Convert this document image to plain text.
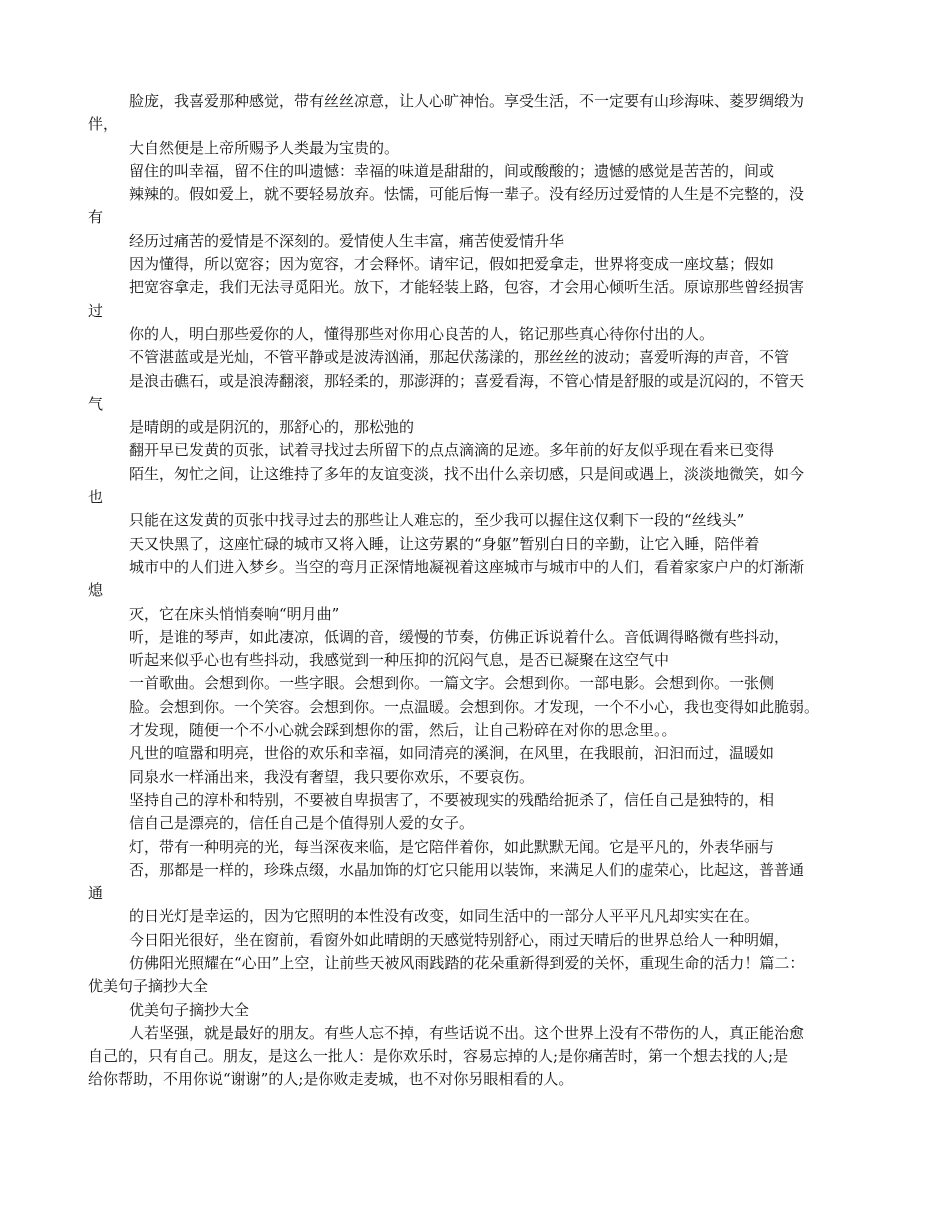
脸庞，我喜爱那种感觉，带有丝丝凉意，让人心旷神怡。享受生活，不一定要有山珍海味、菱罗绸缎为
伴，
大自然便是上帝所赐予人类最为宝贵的。
留住的叫幸福，留不住的叫遗憾：幸福的味道是甜甜的，间或酸酸的；遗憾的感觉是苦苦的，间或
辣辣的。假如爱上，就不要轻易放弃。怯懦，可能后悔一辈子。没有经历过爱情的人生是不完整的，没
有
经历过痛苦的爱情是不深刻的。爱情使人生丰富，痛苦使爱情升华
因为懂得，所以宽容；因为宽容，才会释怀。请牢记，假如把爱拿走，世界将变成一座坟墓；假如
把宽容拿走，我们无法寻觅阳光。放下，才能轻装上路，包容，才会用心倾听生活。原谅那些曾经损害
过
你的人，明白那些爱你的人，懂得那些对你用心良苦的人，铭记那些真心待你付出的人。
不管湛蓝或是光灿，不管平静或是波涛汹涌，那起伏荡漾的，那丝丝的波动；喜爱听海的声音，不管
是浪击礁石，或是浪涛翻滚，那轻柔的，那澎湃的；喜爱看海，不管心情是舒服的或是沉闷的，不管天
气
是晴朗的或是阴沉的，那舒心的，那松弛的
翻开早已发黄的页张，试着寻找过去所留下的点点滴滴的足迹。多年前的好友似乎现在看来已变得
陌生，匆忙之间，让这维持了多年的友谊变淡，找不出什么亲切感，只是间或遇上，淡淡地微笑，如今
也
只能在这发黄的页张中找寻过去的那些让人难忘的，至少我可以握住这仅剩下一段的“丝线头”
天又快黑了，这座忙碌的城市又将入睡，让这劳累的“身躯”暂别白日的辛勤，让它入睡，陪伴着
城市中的人们进入梦乡。当空的弯月正深情地凝视着这座城市与城市中的人们，看着家家户户的灯渐渐
熄
灭，它在床头悄悄奏响“明月曲”
听，是谁的琴声，如此凄凉，低调的音，缓慢的节奏，仿佛正诉说着什么。音低调得略微有些抖动，
听起来似乎心也有些抖动，我感觉到一种压抑的沉闷气息，是否已凝聚在这空气中
一首歌曲。会想到你。一些字眼。会想到你。一篇文字。会想到你。一部电影。会想到你。一张侧
脸。会想到你。一个笑容。会想到你。一点温暖。会想到你。才发现，一个不小心，我也变得如此脆弱。
才发现，随便一个不小心就会踩到想你的雷，然后，让自己粉碎在对你的思念里。。
凡世的喧嚣和明亮，世俗的欢乐和幸福，如同清亮的溪涧，在风里，在我眼前，汩汩而过，温暖如
同泉水一样涌出来，我没有奢望，我只要你欢乐，不要哀伤。
坚持自己的淳朴和特别，不要被自卑损害了，不要被现实的残酷给扼杀了，信任自己是独特的，相
信自己是漂亮的，信任自己是个值得别人爱的女子。
灯，带有一种明亮的光，每当深夜来临，是它陪伴着你，如此默默无闻。它是平凡的，外表华丽与
否，那都是一样的，珍珠点缀，水晶加饰的灯它只能用以装饰，来满足人们的虚荣心，比起这，普普通
通
的日光灯是幸运的，因为它照明的本性没有改变，如同生活中的一部分人平平凡凡却实实在在。
今日阳光很好，坐在窗前，看窗外如此晴朗的天感觉特别舒心，雨过天晴后的世界总给人一种明媚，
仿佛阳光照耀在“心田”上空，让前些天被风雨践踏的花朵重新得到爱的关怀，重现生命的活力！篇二：
优美句子摘抄大全
优美句子摘抄大全
人若坚强，就是最好的朋友。有些人忘不掉，有些话说不出。这个世界上没有不带伤的人，真正能治愈
自己的，只有自己。朋友，是这么一批人：是你欢乐时，容易忘掉的人;是你痛苦时，第一个想去找的人;是
给你帮助，不用你说“谢谢”的人;是你败走麦城，也不对你另眼相看的人。
